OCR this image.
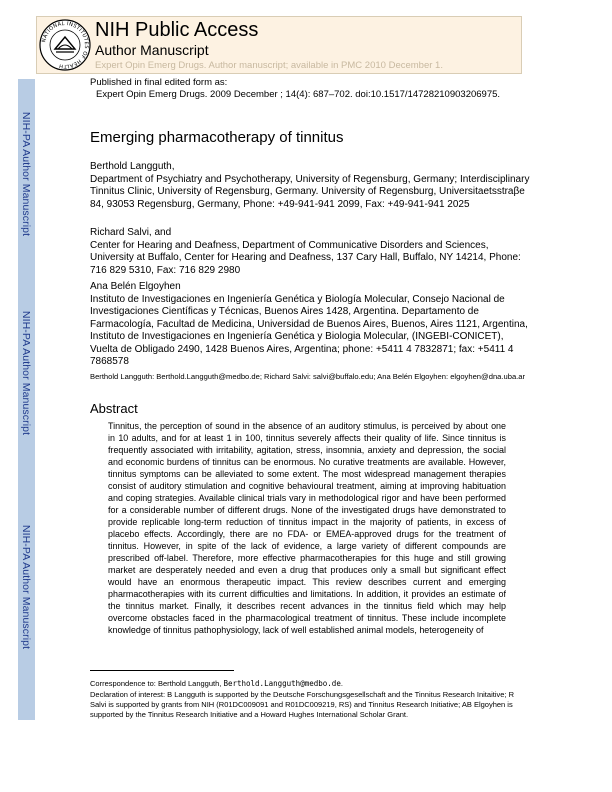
NIH-PA Author Manuscript
NIH-PA Author Manuscript
NIH-PA Author Manuscript
NATIONAL INSTITUTES OF HEALTH
NIH Public Access
Author Manuscript
Expert Opin Emerg Drugs. Author manuscript; available in PMC 2010 December 1.
Published in final edited form as:
Expert Opin Emerg Drugs. 2009 December ; 14(4): 687–702. doi:10.1517/14728210903206975.
Emerging pharmacotherapy of tinnitus
Berthold Langguth,
Department of Psychiatry and Psychotherapy, University of Regensburg, Germany; Interdisciplinary Tinnitus Clinic, University of Regensburg, Germany. University of Regensburg, Universitaetsstraβe 84, 93053 Regensburg, Germany, Phone: +49-941-941 2099, Fax: +49-941-941 2025
Richard Salvi, and
Center for Hearing and Deafness, Department of Communicative Disorders and Sciences, University at Buffalo, Center for Hearing and Deafness, 137 Cary Hall, Buffalo, NY 14214, Phone: 716 829 5310, Fax: 716 829 2980
Ana Belén Elgoyhen
Instituto de Investigaciones en Ingeniería Genética y Biología Molecular, Consejo Nacional de Investigaciones Científicas y Técnicas, Buenos Aires 1428, Argentina. Departamento de Farmacología, Facultad de Medicina, Universidad de Buenos Aires, Buenos, Aires 1121, Argentina, Instituto de Investigaciones en Ingeniería Genética y Biologia Molecular, (INGEBI-CONICET), Vuelta de Obligado 2490, 1428 Buenos Aires, Argentina; phone: +5411 4 7832871; fax: +5411 4 7868578
Berthold Langguth: Berthold.Langguth@medbo.de; Richard Salvi: salvi@buffalo.edu; Ana Belén Elgoyhen: elgoyhen@dna.uba.ar
Abstract
Tinnitus, the perception of sound in the absence of an auditory stimulus, is perceived by about one in 10 adults, and for at least 1 in 100, tinnitus severely affects their quality of life. Since tinnitus is frequently associated with irritability, agitation, stress, insomnia, anxiety and depression, the social and economic burdens of tinnitus can be enormous. No curative treatments are available. However, tinnitus symptoms can be alleviated to some extent. The most widespread management therapies consist of auditory stimulation and cognitive behavioural treatment, aiming at improving habituation and coping strategies. Available clinical trials vary in methodological rigor and have been performed for a considerable number of different drugs. None of the investigated drugs have demonstrated to provide replicable long-term reduction of tinnitus impact in the majority of patients, in excess of placebo effects. Accordingly, there are no FDA- or EMEA-approved drugs for the treatment of tinnitus. However, in spite of the lack of evidence, a large variety of different compounds are prescribed off-label. Therefore, more effective pharmacotherapies for this huge and still growing market are desperately needed and even a drug that produces only a small but significant effect would have an enormous therapeutic impact. This review describes current and emerging pharmacotherapies with its current difficulties and limitations. In addition, it provides an estimate of the tinnitus market. Finally, it describes recent advances in the tinnitus field which may help overcome obstacles faced in the pharmacological treatment of tinnitus. These include incomplete knowledge of tinnitus pathophysiology, lack of well established animal models, heterogeneity of
Correspondence to: Berthold Langguth, Berthold.Langguth@medbo.de.
Declaration of interest: B Langguth is supported by the Deutsche Forschungsgesellschaft and the Tinnitus Research Initaitive; R Salvi is supported by grants from NIH (R01DC009091 and R01DC009219, RS) and Tinnitus Research Initiative; AB Elgoyhen is supported by the Tinnitus Research Initiative and a Howard Hughes International Scholar Grant.
